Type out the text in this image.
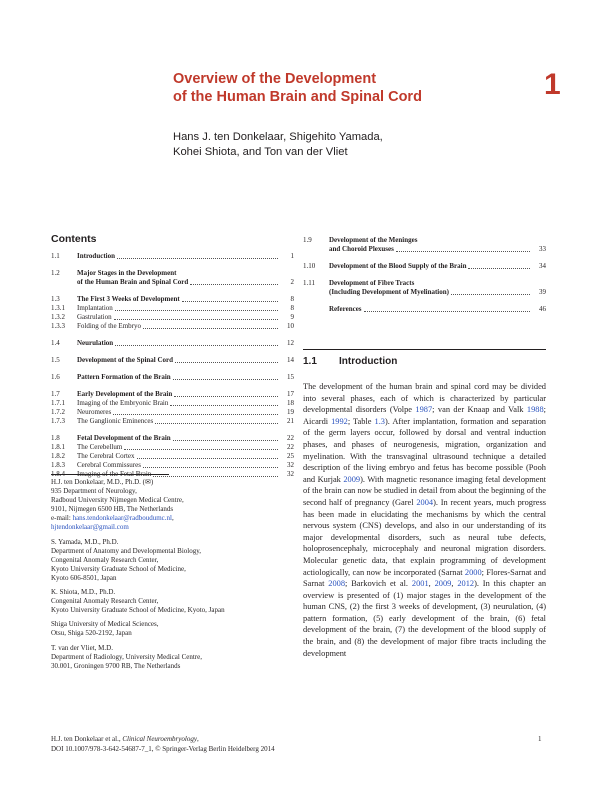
Overview of the Development
of the Human Brain and Spinal Cord	1
Hans J. ten Donkelaar, Shigehito Yamada,
Kohei Shiota, and Ton van der Vliet
Contents
1.1	Introduction	1
1.2	Major Stages in the Development
of the Human Brain and Spinal Cord	2
1.3	The First 3 Weeks of Development	8
1.3.1	Implantation	8
1.3.2	Gastrulation	9
1.3.3	Folding of the Embryo	10
1.4	Neurulation	12
1.5	Development of the Spinal Cord	14
1.6	Pattern Formation of the Brain	15
1.7	Early Development of the Brain	17
1.7.1	Imaging of the Embryonic Brain	18
1.7.2	Neuromeres	19
1.7.3	The Ganglionic Eminences	21
1.8	Fetal Development of the Brain	22
1.8.1	The Cerebellum	22
1.8.2	The Cerebral Cortex	25
1.8.3	Cerebral Commissures	32
1.8.4	Imaging of the Fetal Brain	32
1.9	Development of the Meninges
and Choroid Plexuses	33
1.10	Development of the Blood Supply of the Brain	34
1.11	Development of Fibre Tracts
(Including Development of Myelination)	39
References	46

H.J. ten Donkelaar, M.D., Ph.D. (✉)
935 Department of Neurology,
Radboud University Nijmegen Medical Centre,
9101, Nijmegen 6500 HB, The Netherlands
e-mail: hans.tendonkelaar@radboudumc.nl,
hjtendonkelaar@gmail.com

S. Yamada, M.D., Ph.D.
Department of Anatomy and Developmental Biology,
Congenital Anomaly Research Center,
Kyoto University Graduate School of Medicine,
Kyoto 606-8501, Japan

K. Shiota, M.D., Ph.D.
Congenital Anomaly Research Center,
Kyoto University Graduate School of Medicine, Kyoto, Japan

Shiga University of Medical Sciences,
Otsu, Shiga 520-2192, Japan

T. van der Vliet, M.D.
Department of Radiology, University Medical Centre,
30.001, Groningen 9700 RB, The Netherlands

1.1 Introduction
The development of the human brain and spinal cord may be divided into several phases, each of which is characterized by particular developmental disorders (Volpe 1987; van der Knaap and Valk 1988; Aicardi 1992; Table 1.3). After implantation, formation and separation of the germ layers occur, followed by dorsal and ventral induction phases, and phases of neurogenesis, migration, organization and myelination. With the transvaginal ultrasound technique a detailed description of the living embryo and fetus has become possible (Pooh and Kurjak 2009). With magnetic resonance imaging fetal development of the brain can now be studied in detail from about the beginning of the second half of pregnancy (Garel 2004). In recent years, much progress has been made in elucidating the mechanisms by which the central nervous system (CNS) develops, and also in our understanding of its major developmental disorders, such as neural tube defects, holoprosencephaly, microcephaly and neuronal migration disorders. Molecular genetic data, that explain programming of development actiologically, can now be incorporated (Sarnat 2000; Flores-Sarnat and Sarnat 2008; Barkovich et al. 2001, 2009, 2012). In this chapter an overview is presented of (1) major stages in the development of the human CNS, (2) the first 3 weeks of development, (3) neurulation, (4) pattern formation, (5) early development of the brain, (6) fetal development of the brain, (7) the development of the blood supply of the brain, and (8) the development of major fibre tracts including the development
H.J. ten Donkelaar et al., Clinical Neuroembryology,
DOI 10.1007/978-3-642-54687-7_1, © Springer-Verlag Berlin Heidelberg 2014
1
